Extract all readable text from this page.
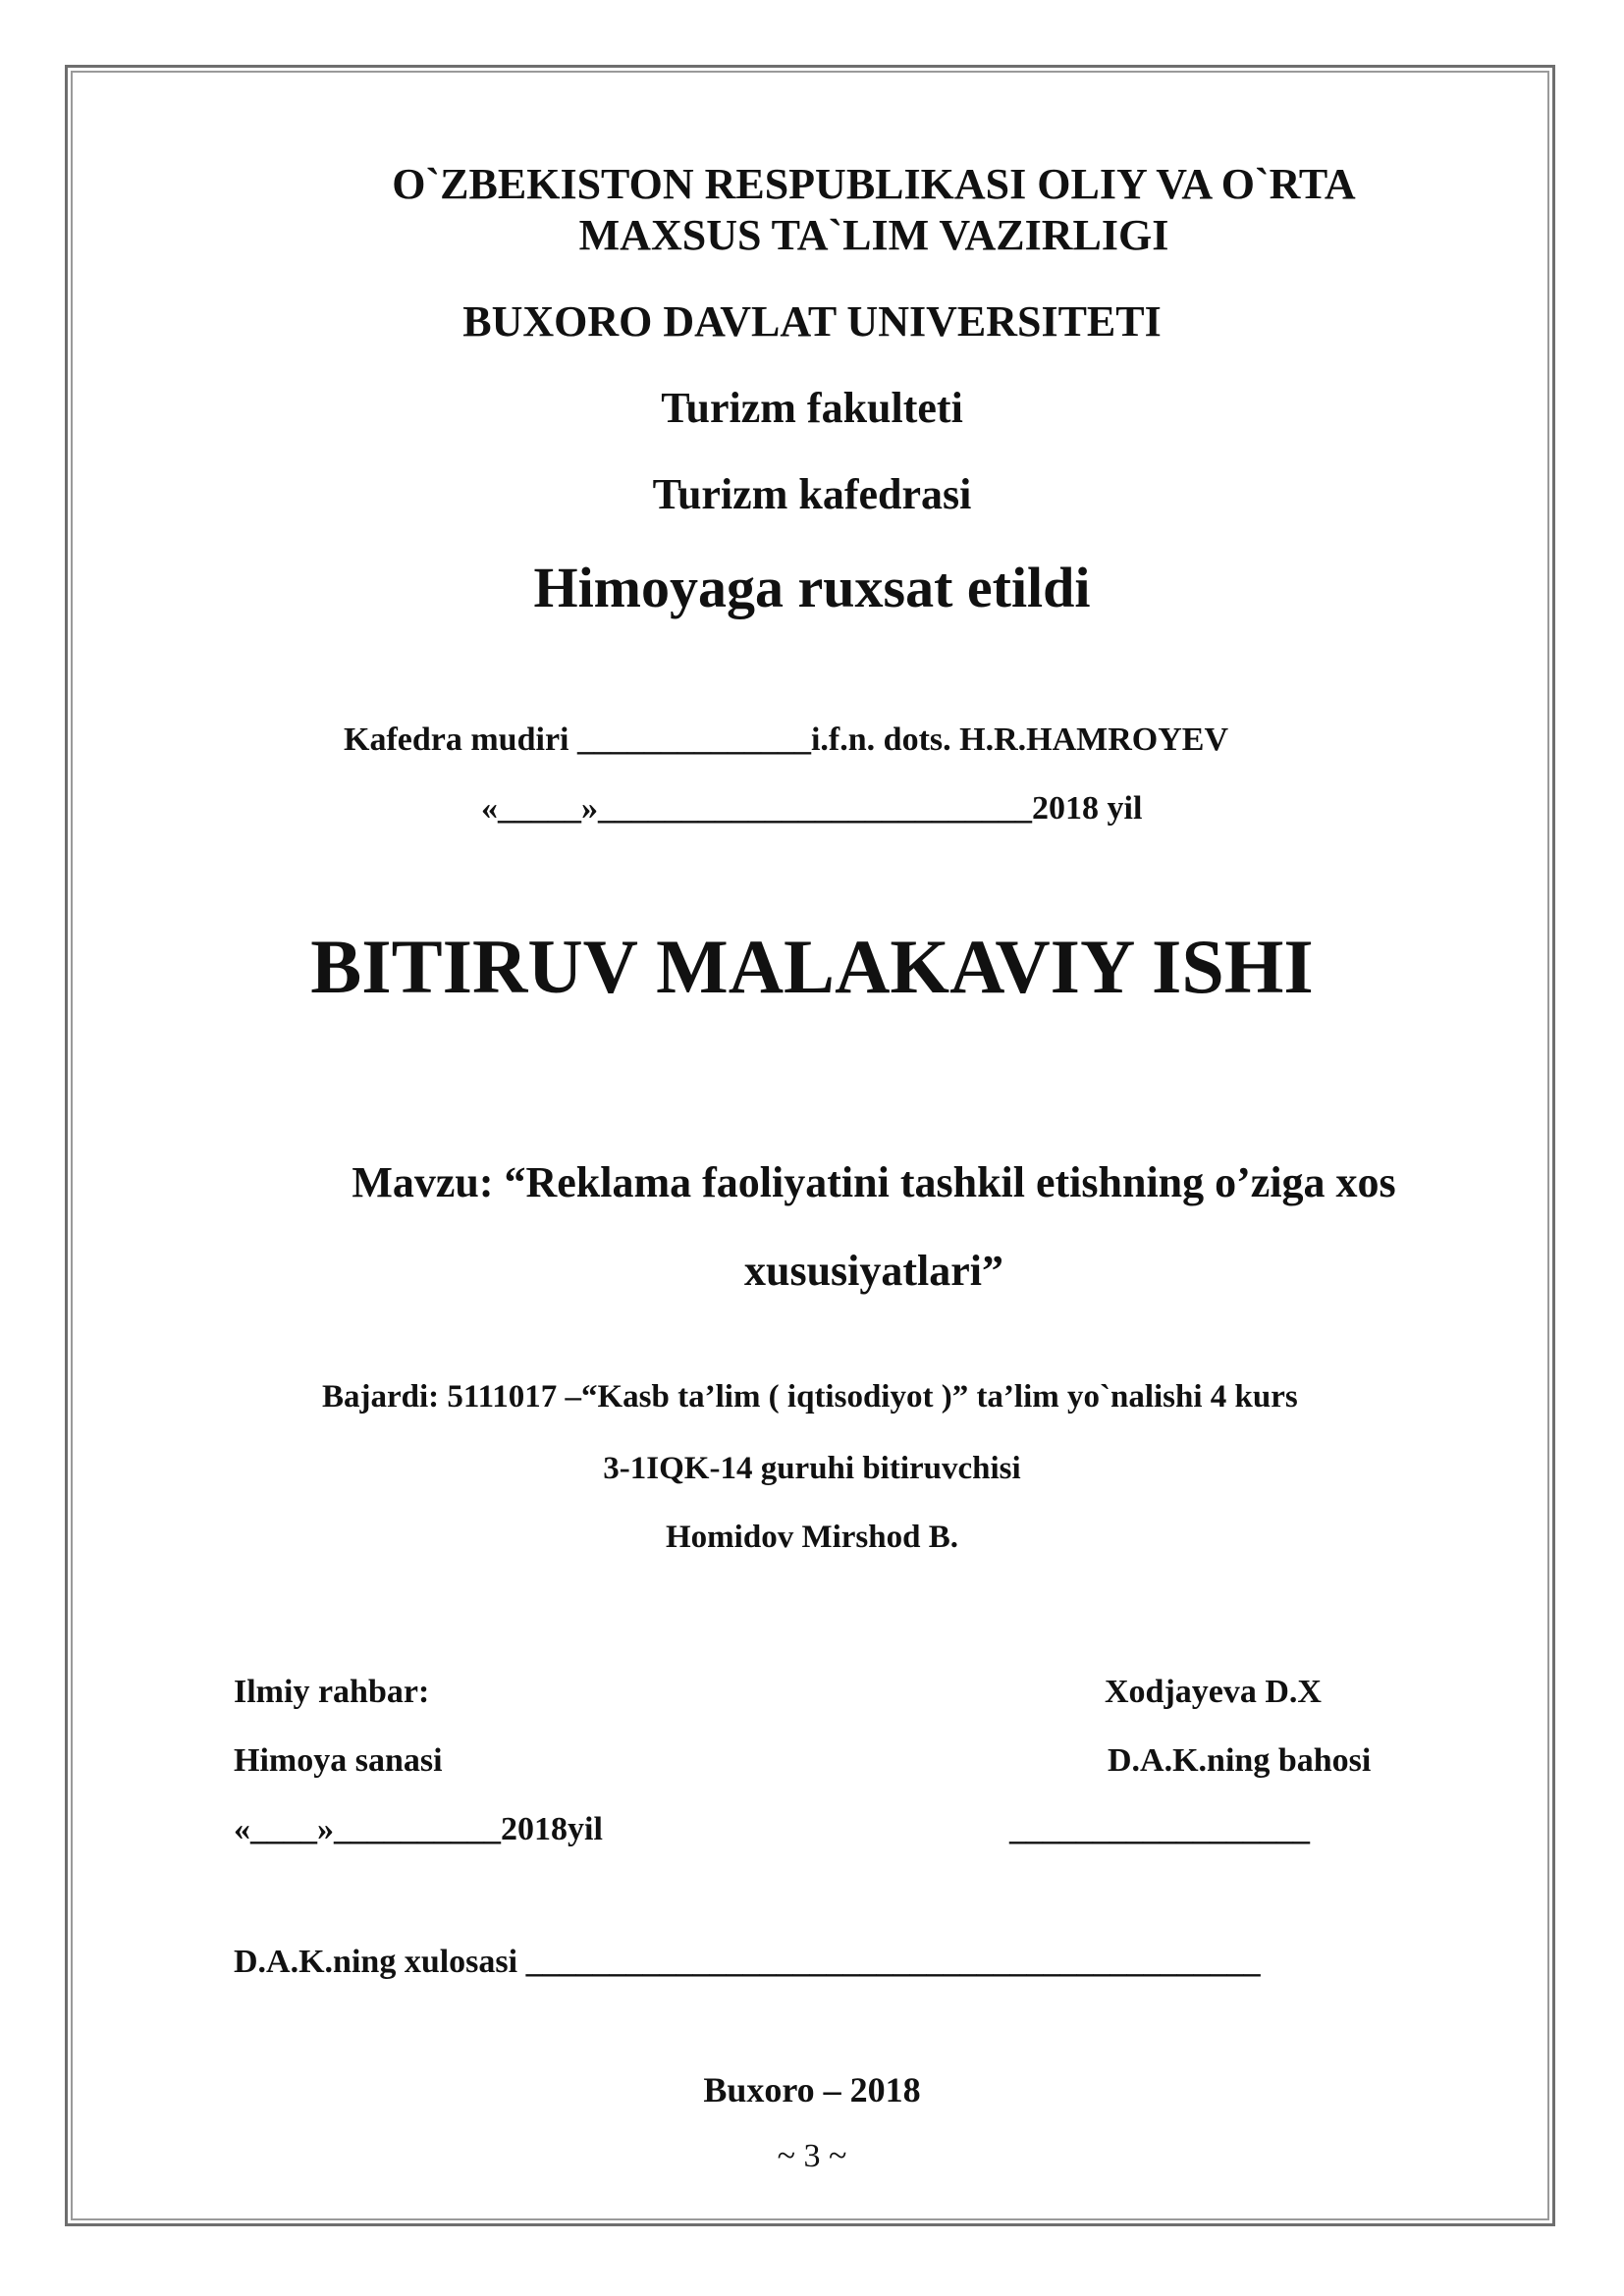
O`ZBEKISTON RESPUBLIKASI OLIY VA O`RTA
MAXSUS TA`LIM VAZIRLIGI
BUXORO DAVLAT UNIVERSITETI
Turizm fakulteti
Turizm kafedrasi
Himoyaga ruxsat etildi
Kafedra mudiri ______________i.f.n. dots. H.R.HAMROYEV
«_____»__________________________2018 yil
BITIRUV MALAKAVIY ISHI
Mavzu: “Reklama faoliyatini tashkil etishning o’ziga xos
xususiyatlari”
Bajardi: 5111017 –“Kasb ta’lim ( iqtisodiyot )” ta’lim yo`nalishi 4 kurs
3-1IQK-14 guruhi bitiruvchisi
Homidov Mirshod B.
Ilmiy rahbar:	Xodjayeva D.X
Himoya sanasi	D.A.K.ning bahosi
«____»__________2018yil	__________________
D.A.K.ning xulosasi ____________________________________________
Buxoro – 2018
~ 3 ~
